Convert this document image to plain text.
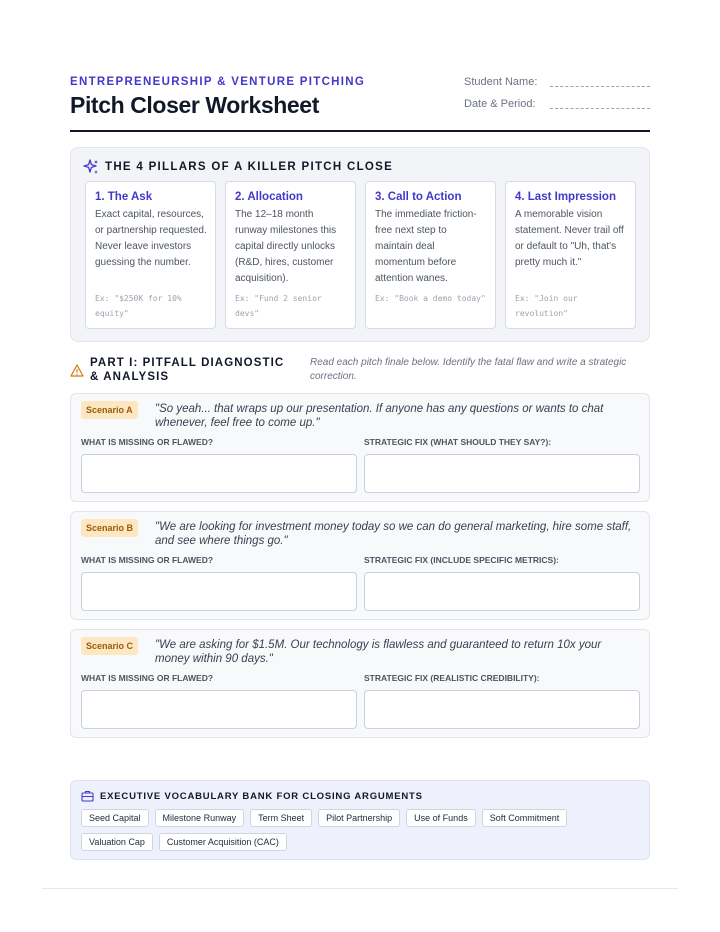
ENTREPRENEURSHIP & VENTURE PITCHING
Pitch Closer Worksheet
Student Name:
Date & Period:
THE 4 PILLARS OF A KILLER PITCH CLOSE
1. The Ask

Exact capital, resources, or partnership requested. Never leave investors guessing the number.

Ex: "$250K for 10% equity"
2. Allocation

The 12–18 month runway milestones this capital directly unlocks (R&D, hires, customer acquisition).

Ex: "Fund 2 senior devs"
3. Call to Action

The immediate friction-free next step to maintain deal momentum before attention wanes.

Ex: "Book a demo today"
4. Last Impression

A memorable vision statement. Never trail off or default to "Uh, that's pretty much it."

Ex: "Join our revolution"
PART I: PITFALL DIAGNOSTIC & ANALYSIS
Read each pitch finale below. Identify the fatal flaw and write a strategic correction.
Scenario A	"So yeah... that wraps up our presentation. If anyone has any questions or wants to chat whenever, feel free to come up."
WHAT IS MISSING OR FLAWED?	STRATEGIC FIX (WHAT SHOULD THEY SAY?):
Scenario B	"We are looking for investment money today so we can do general marketing, hire some staff, and see where things go."
WHAT IS MISSING OR FLAWED?	STRATEGIC FIX (INCLUDE SPECIFIC METRICS):
Scenario C	"We are asking for $1.5M. Our technology is flawless and guaranteed to return 10x your money within 90 days."
WHAT IS MISSING OR FLAWED?	STRATEGIC FIX (REALISTIC CREDIBILITY):
EXECUTIVE VOCABULARY BANK FOR CLOSING ARGUMENTS
Seed Capital	Milestone Runway	Term Sheet	Pilot Partnership	Use of Funds	Soft Commitment
Valuation Cap	Customer Acquisition (CAC)
